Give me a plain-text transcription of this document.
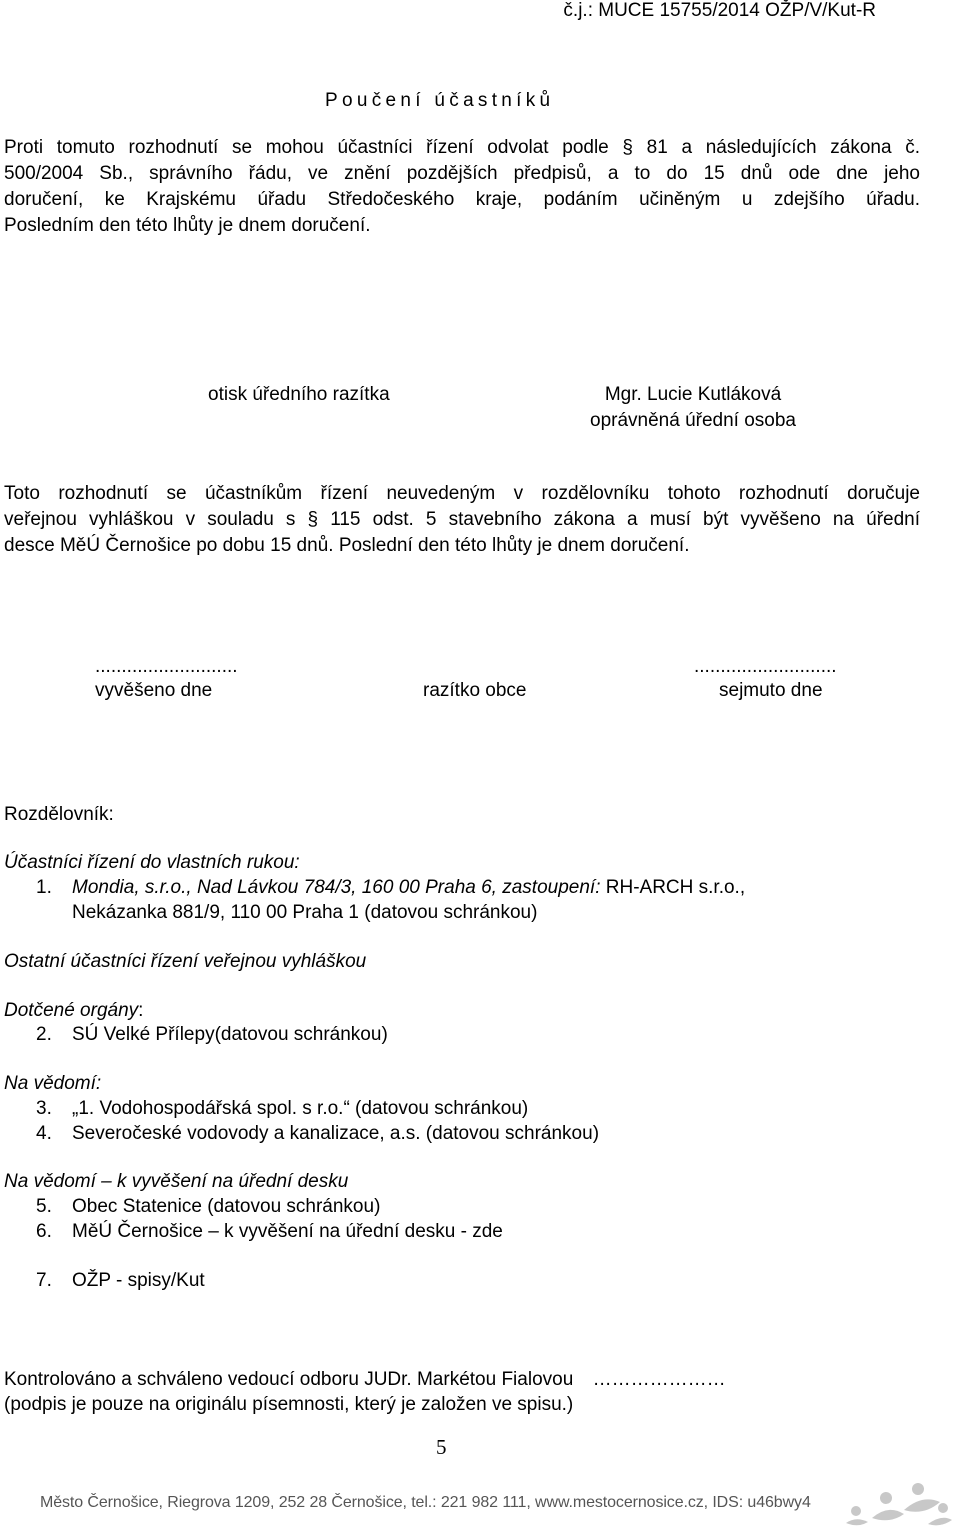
č.j.: MUCE 15755/2014 OŽP/V/Kut-R
Poučení účastníků
Proti tomuto rozhodnutí se mohou účastníci řízení odvolat podle § 81 a následujících zákona č.
500/2004 Sb., správního řádu, ve znění pozdějších předpisů, a to do 15 dnů ode dne jeho
doručení, ke Krajskému úřadu Středočeského kraje, podáním učiněným u zdejšího úřadu.
Posledním den této lhůty je dnem doručení.
otisk úředního razítka	Mgr. Lucie Kutláková
oprávněná úřední osoba
Toto rozhodnutí se účastníkům řízení neuvedeným v rozdělovníku tohoto rozhodnutí doručuje
veřejnou vyhláškou v souladu s § 115 odst. 5 stavebního zákona a musí být vyvěšeno na úřední
desce MěÚ Černošice po dobu 15 dnů. Poslední den této lhůty je dnem doručení.
...........................	...........................
vyvěšeno dne	razítko obce	sejmuto dne
Rozdělovník:
Účastníci řízení do vlastních rukou:
1. Mondia, s.r.o., Nad Lávkou 784/3, 160 00 Praha 6, zastoupení: RH-ARCH s.r.o.,
Nekázanka 881/9, 110 00 Praha 1 (datovou schránkou)
Ostatní účastníci řízení veřejnou vyhláškou
Dotčené orgány:
2. SÚ Velké Přílepy(datovou schránkou)
Na vědomí:
3. „1. Vodohospodářská spol. s r.o.“ (datovou schránkou)
4. Severočeské vodovody a kanalizace, a.s. (datovou schránkou)
Na vědomí – k vyvěšení na úřední desku
5. Obec Statenice (datovou schránkou)
6. MěÚ Černošice – k vyvěšení na úřední desku - zde
7. OŽP - spisy/Kut
Kontrolováno a schváleno vedoucí odboru JUDr. Markétou Fialovou …………………
(podpis je pouze na originálu písemnosti, který je založen ve spisu.)
5
Město Černošice, Riegrova 1209, 252 28 Černošice, tel.: 221 982 111, www.mestocernosice.cz, IDS: u46bwy4
